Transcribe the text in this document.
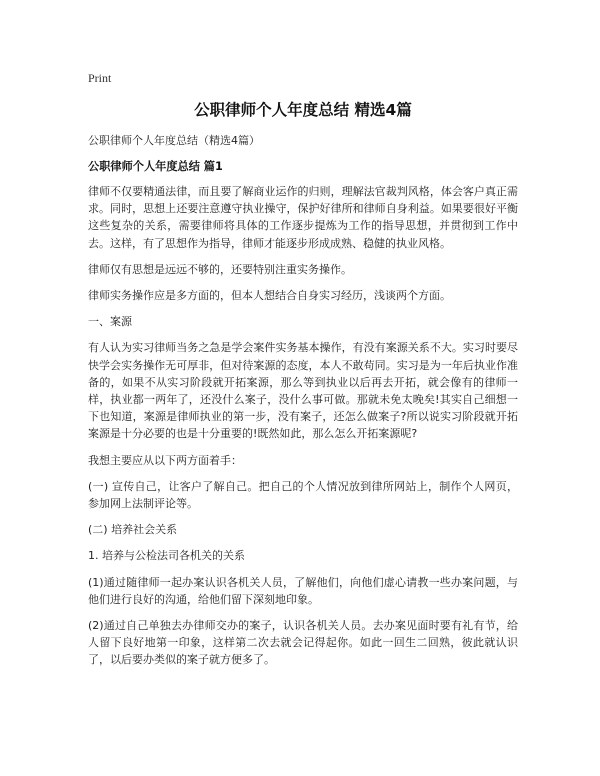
Print
公职律师个人年度总结 精选4篇

公职律师个人年度总结（精选4篇）

公职律师个人年度总结 篇1

律师不仅要精通法律，而且要了解商业运作的归则，理解法官裁判风格，体会客户真正需求。同时，思想上还要注意遵守执业操守，保护好律所和律师自身利益。如果要很好平衡这些复杂的关系，需要律师将具体的工作逐步提炼为工作的指导思想，并贯彻到工作中去。这样，有了思想作为指导，律师才能逐步形成成熟、稳健的执业风格。

律师仅有思想是远远不够的，还要特别注重实务操作。

律师实务操作应是多方面的，但本人想结合自身实习经历，浅谈两个方面。

一、案源

有人认为实习律师当务之急是学会案件实务基本操作，有没有案源关系不大。实习时要尽快学会实务操作无可厚非，但对待案源的态度，本人不敢苟同。实习是为一年后执业作准备的，如果不从实习阶段就开拓案源，那么等到执业以后再去开拓，就会像有的律师一样，执业都一两年了，还没什么案子，没什么事可做。那就未免太晚矣!其实自己细想一下也知道，案源是律师执业的第一步，没有案子，还怎么做案子?所以说实习阶段就开拓案源是十分必要的也是十分重要的!既然如此，那么怎么开拓案源呢?

我想主要应从以下两方面着手：

(一) 宣传自己，让客户了解自己。把自己的个人情况放到律所网站上，制作个人网页，参加网上法制评论等。

(二) 培养社会关系

1. 培养与公检法司各机关的关系

(1)通过随律师一起办案认识各机关人员，了解他们，向他们虚心请教一些办案问题，与他们进行良好的沟通，给他们留下深刻地印象。

(2)通过自己单独去办律师交办的案子，认识各机关人员。去办案见面时要有礼有节，给人留下良好地第一印象，这样第二次去就会记得起你。如此一回生二回熟，彼此就认识了，以后要办类似的案子就方便多了。
